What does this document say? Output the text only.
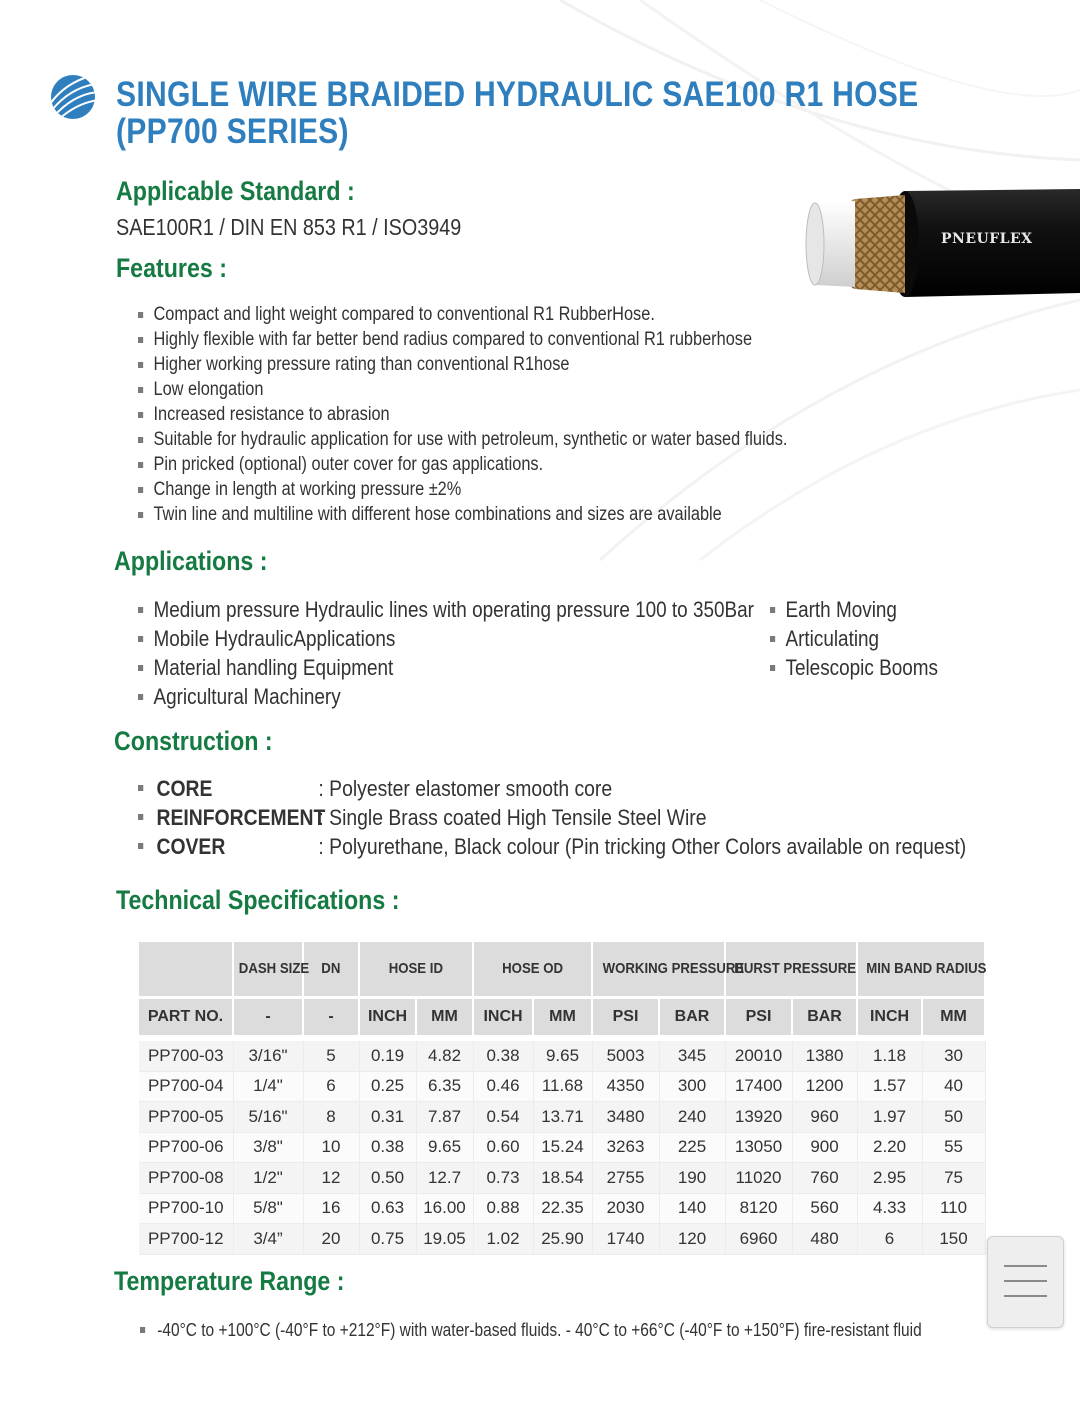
SINGLE WIRE BRAIDED HYDRAULIC SAE100 R1 HOSE
(PP700 SERIES)
Applicable Standard :
SAE100R1 / DIN EN 853 R1 / ISO3949	PNEUFLEX
Features :
Compact and light weight compared to conventional R1 RubberHose.
Highly flexible with far better bend radius compared to conventional R1 rubberhose
Higher working pressure rating than conventional R1hose
Low elongation
Increased resistance to abrasion
Suitable for hydraulic application for use with petroleum, synthetic or water based fluids.
Pin pricked (optional) outer cover for gas applications.
Change in length at working pressure ±2%
Twin line and multiline with different hose combinations and sizes are available
Applications :
Medium pressure Hydraulic lines with operating pressure 100 to 350Bar
Mobile HydraulicApplications
Material handling Equipment
Agricultural Machinery
Earth Moving
Articulating
Telescopic Booms
Construction :
CORE	: Polyester elastomer smooth core
REINFORCEMENT
: Single Brass coated High Tensile Steel Wire
COVER	: Polyurethane, Black colour (Pin tricking Other Colors available on request)
Technical Specifications :
	DASH SIZE	DN	HOSE ID		HOSE OD		WORKING PRESSURE		BURST PRESSURE		MIN BAND RADIUS	

PART NO.	-	-	INCH	MM	INCH	MM	PSI	BAR	PSI	BAR	INCH	MM

PP700-03	3/16"	5	0.19	4.82	0.38	9.65	5003	345	20010	1380	1.18	30
PP700-04	1/4"	6	0.25	6.35	0.46	11.68	4350	300	17400	1200	1.57	40
PP700-05	5/16"	8	0.31	7.87	0.54	13.71	3480	240	13920	960	1.97	50
PP700-06	3/8"	10	0.38	9.65	0.60	15.24	3263	225	13050	900	2.20	55
PP700-08	1/2"	12	0.50	12.7	0.73	18.54	2755	190	11020	760	2.95	75
PP700-10	5/8"	16	0.63	16.00	0.88	22.35	2030	140	8120	560	4.33	110
PP700-12	3/4”	20	0.75	19.05	1.02	25.90	1740	120	6960	480	6	150
Temperature Range :
-40°C to +100°C (-40°F to +212°F) with water-based fluids. - 40°C to +66°C (-40°F to +150°F) fire-resistant fluid
